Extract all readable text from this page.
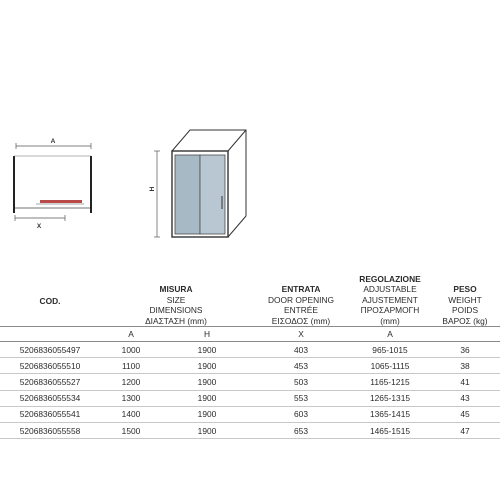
A
X
H
COD.	MISURA
SIZE
DIMENSIONS
ΔΙΑΣΤΑΣΗ (mm)		ENTRATA
DOOR OPENING
ENTRÉE
ΕΙΣΟΔΟΣ (mm)	REGOLAZIONE
ADJUSTABLE
AJUSTEMENT
ΠΡΟΣΑΡΜΟΓΗ (mm)	PESO
WEIGHT
POIDS
ΒΑΡΟΣ (kg)

	A	H	X	A	
5206836055497	1000	1900	403	965-1015	36
5206836055510	1100	1900	453	1065-1115	38
5206836055527	1200	1900	503	1165-1215	41
5206836055534	1300	1900	553	1265-1315	43
5206836055541	1400	1900	603	1365-1415	45
5206836055558	1500	1900	653	1465-1515	47
